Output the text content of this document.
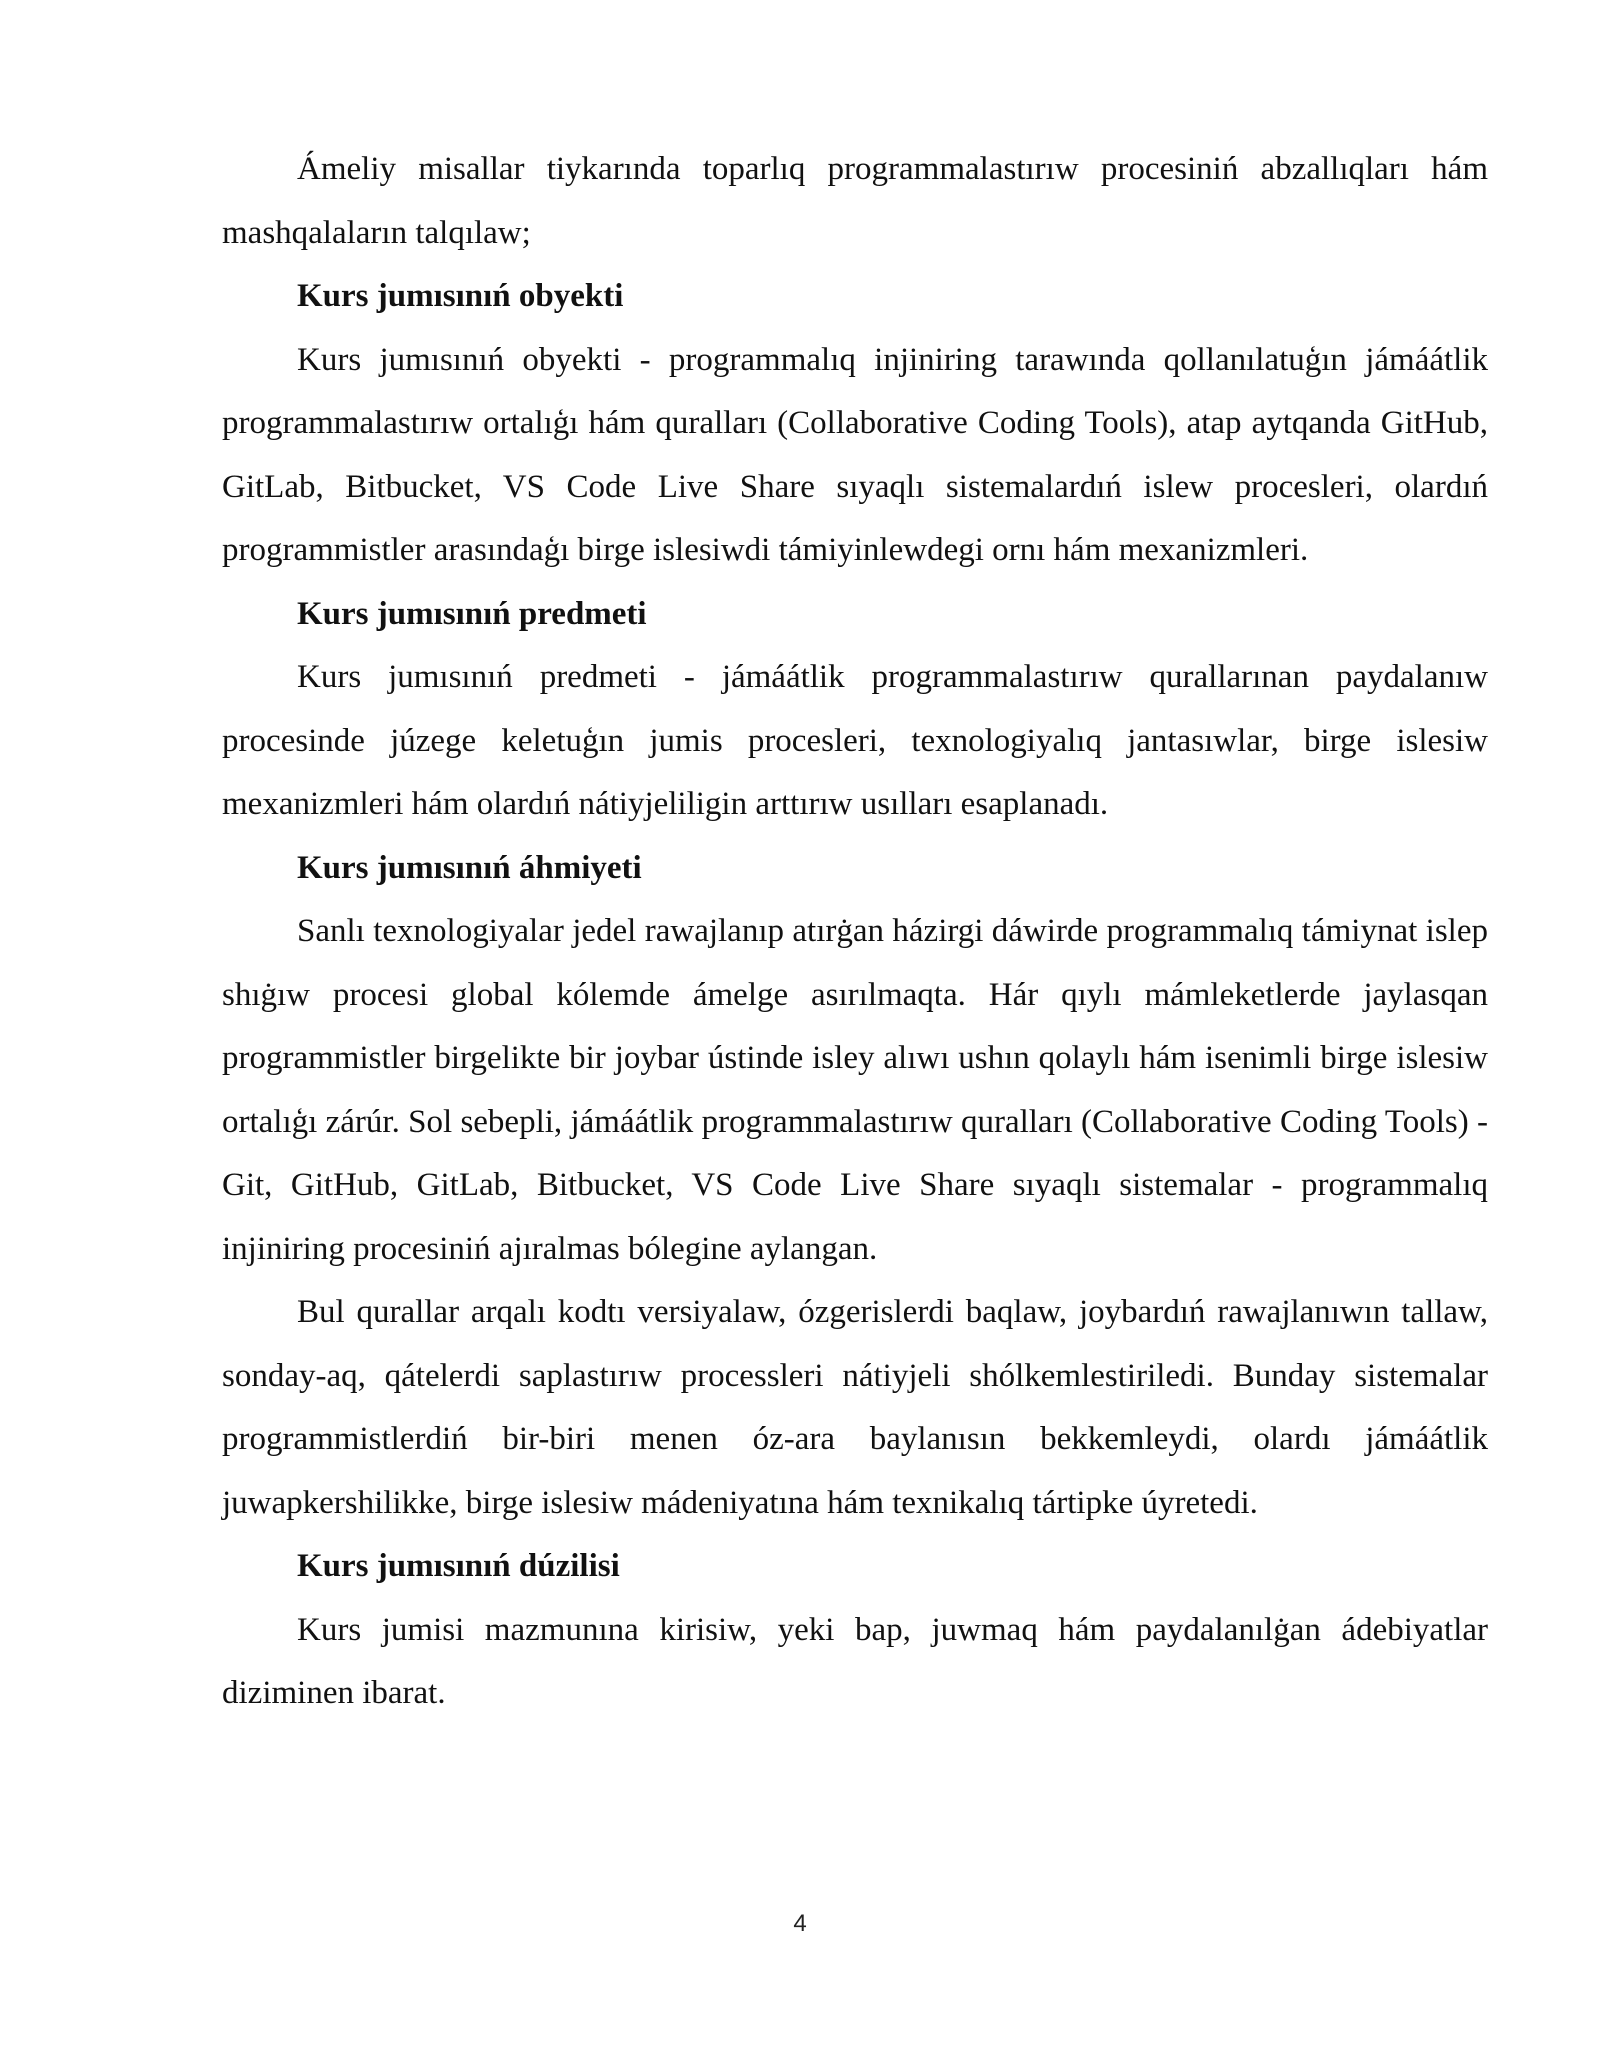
Ámeliy misallar tiykarında toparlıq programmalastırıw procesiniń abzallıqları hám mashqalaların talqılaw;

Kurs jumısınıń obyekti

Kurs jumısınıń obyekti - programmalıq injiniring tarawında qollanılatuģın jámáátlik programmalastırıw ortalıģı hám quralları (Collaborative Coding Tools), atap aytqanda GitHub, GitLab, Bitbucket, VS Code Live Share sıyaqlı sistemalardıń islew procesleri, olardıń programmistler arasındaģı birge islesiwdi támiyinlewdegi ornı hám mexanizmleri.

Kurs jumısınıń predmeti

Kurs jumısınıń predmeti - jámáátlik programmalastırıw qurallarınan paydalanıw procesinde júzege keletuģın jumis procesleri, texnologiyalıq jantasıwlar, birge islesiw mexanizmleri hám olardıń nátiyjeliligin arttırıw usılları esaplanadı.

Kurs jumısınıń áhmiyeti

Sanlı texnologiyalar jedel rawajlanıp atırġan házirgi dáwirde programmalıq támiynat islep shıġıw procesi global kólemde ámelge asırılmaqta. Hár qıylı mámleketlerde jaylasqan programmistler birgelikte bir joybar ústinde isley alıwı ushın qolaylı hám isenimli birge islesiw ortalıģı zárúr. Sol sebepli, jámáátlik programmalastırıw quralları (Collaborative Coding Tools) - Git, GitHub, GitLab, Bitbucket, VS Code Live Share sıyaqlı sistemalar - programmalıq injiniring procesiniń ajıralmas bólegine aylangan.

Bul qurallar arqalı kodtı versiyalaw, ózgerislerdi baqlaw, joybardıń rawajlanıwın tallaw, sonday-aq, qátelerdi saplastırıw processleri nátiyjeli shólkemlestiriledi. Bunday sistemalar programmistlerdiń bir-biri menen óz-ara baylanısın bekkemleydi, olardı jámáátlik juwapkershilikke, birge islesiw mádeniyatına hám texnikalıq tártipke úyretedi.

Kurs jumısınıń dúzilisi

Kurs jumisi mazmunına kirisiw, yeki bap, juwmaq hám paydalanılġan ádebiyatlar diziminen ibarat.

4
